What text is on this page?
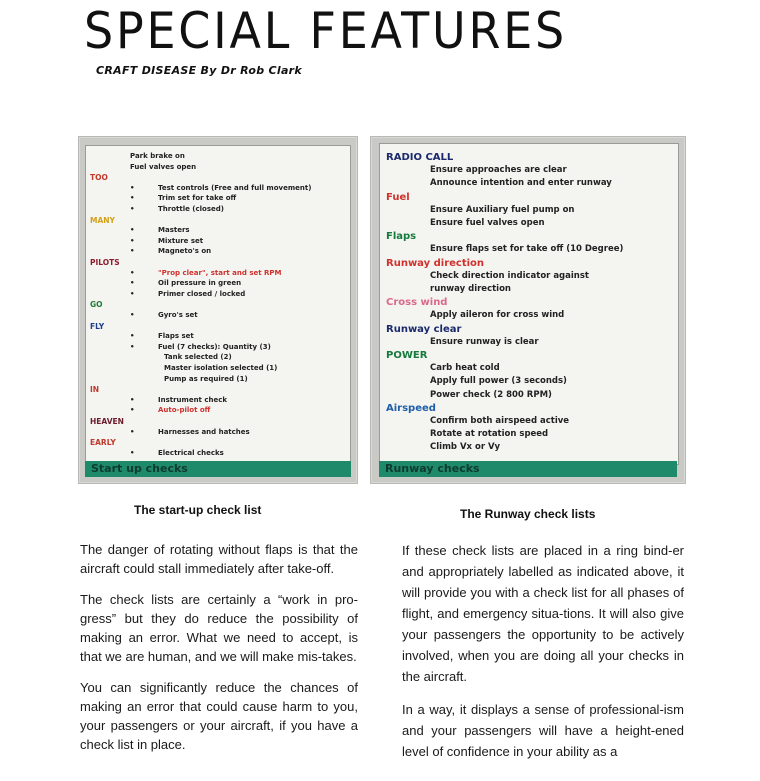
SPECIAL FEATURES
CRAFT DISEASE By Dr Rob Clark
Park brake on
Fuel valves open
TOO
•	Test controls (Free and full movement)
•	Trim set for take off
•	Throttle (closed)
MANY
•	Masters
•	Mixture set
•	Magneto's on
PILOTS
•	"Prop clear", start and set RPM
•	Oil pressure in green
•	Primer closed / locked
GO
•	Gyro's set
FLY
•	Flaps set
•	Fuel (7 checks): Quantity (3)
Tank selected (2)
Master isolation selected (1)
Pump as required (1)
IN
•	Instrument check
•	Auto-pilot off
HEAVEN
•	Harnesses and hatches
EARLY
•	Electrical checks
Start up checks
RADIO CALL
Ensure approaches are clear
Announce intention and enter runway
Fuel
Ensure Auxiliary fuel pump on
Ensure fuel valves open
Flaps
Ensure flaps set for take off (10 Degree)
Runway direction
Check direction indicator against
runway direction
Cross wind
Apply aileron for cross wind
Runway clear
Ensure runway is clear
POWER
Carb heat cold
Apply full power (3 seconds)
Power check (2 800 RPM)
Airspeed
Confirm both airspeed active
Rotate at rotation speed
Climb Vx or Vy
Runway checks
The start-up check list	The Runway check lists

The danger of rotating without flaps is that the aircraft could stall immediately after take-off.

The check lists are certainly a “work in pro-gress” but they do reduce the possibility of making an error. What we need to accept, is that we are human, and we will make mis-takes.

You can significantly reduce the chances of making an error that could cause harm to you, your passengers or your aircraft, if you have a check list in place.

If these check lists are placed in a ring bind-er and appropriately labelled as indicated above, it will provide you with a check list for all phases of flight, and emergency situa-tions. It will also give your passengers the opportunity to be actively involved, when you are doing all your checks in the aircraft.

In a way, it displays a sense of professional-ism and your passengers will have a height-ened level of confidence in your ability as a
